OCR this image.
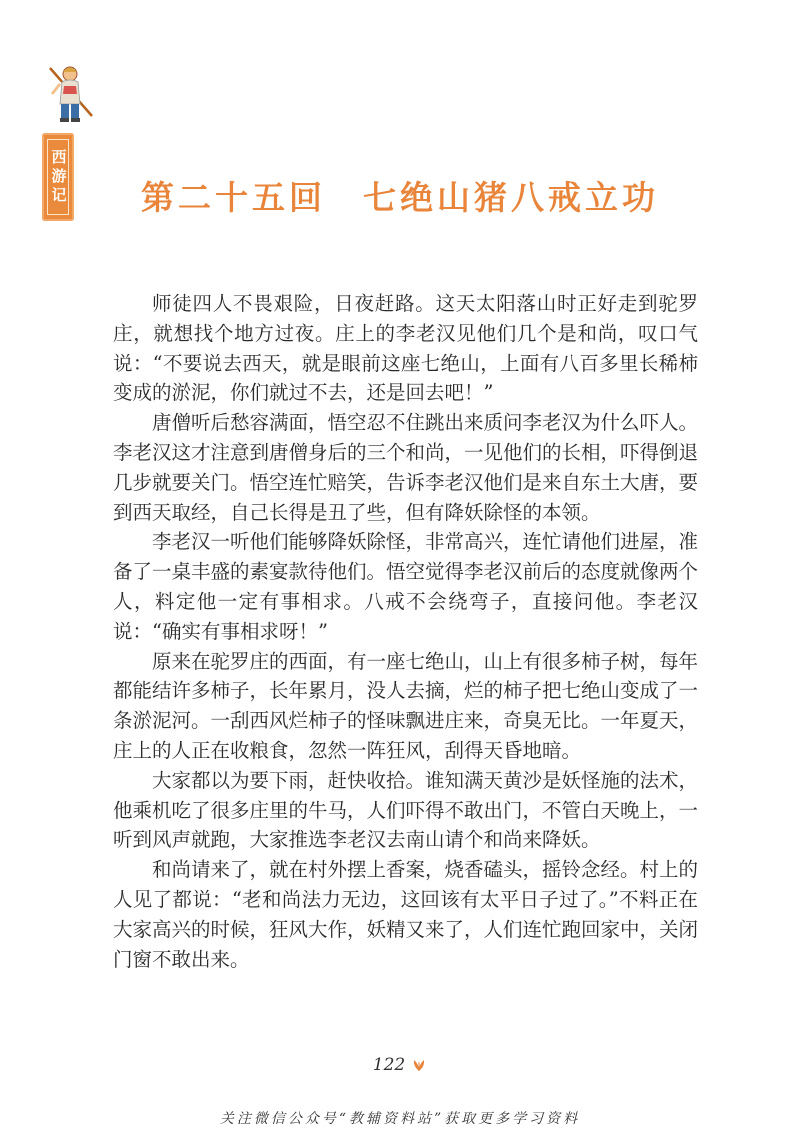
西游记	第二十五回　七绝山猪八戒立功

师徒四人不畏艰险，日夜赶路。这天太阳落山时正好走到驼罗庄，就想找个地方过夜。庄上的李老汉见他们几个是和尚，叹口气说：“不要说去西天，就是眼前这座七绝山，上面有八百多里长稀柿变成的淤泥，你们就过不去，还是回去吧！”

唐僧听后愁容满面，悟空忍不住跳出来质问李老汉为什么吓人。李老汉这才注意到唐僧身后的三个和尚，一见他们的长相，吓得倒退几步就要关门。悟空连忙赔笑，告诉李老汉他们是来自东土大唐，要到西天取经，自己长得是丑了些，但有降妖除怪的本领。

李老汉一听他们能够降妖除怪，非常高兴，连忙请他们进屋，准备了一桌丰盛的素宴款待他们。悟空觉得李老汉前后的态度就像两个人，料定他一定有事相求。八戒不会绕弯子，直接问他。李老汉说：“确实有事相求呀！”

原来在驼罗庄的西面，有一座七绝山，山上有很多柿子树，每年都能结许多柿子，长年累月，没人去摘，烂的柿子把七绝山变成了一条淤泥河。一刮西风烂柿子的怪味飘进庄来，奇臭无比。一年夏天，庄上的人正在收粮食，忽然一阵狂风，刮得天昏地暗。

大家都以为要下雨，赶快收拾。谁知满天黄沙是妖怪施的法术，他乘机吃了很多庄里的牛马，人们吓得不敢出门，不管白天晚上，一听到风声就跑，大家推选李老汉去南山请个和尚来降妖。

和尚请来了，就在村外摆上香案，烧香磕头，摇铃念经。村上的人见了都说：“老和尚法力无边，这回该有太平日子过了。”不料正在大家高兴的时候，狂风大作，妖精又来了，人们连忙跑回家中，关闭门窗不敢出来。

122
关注微信公众号“教辅资料站”获取更多学习资料
